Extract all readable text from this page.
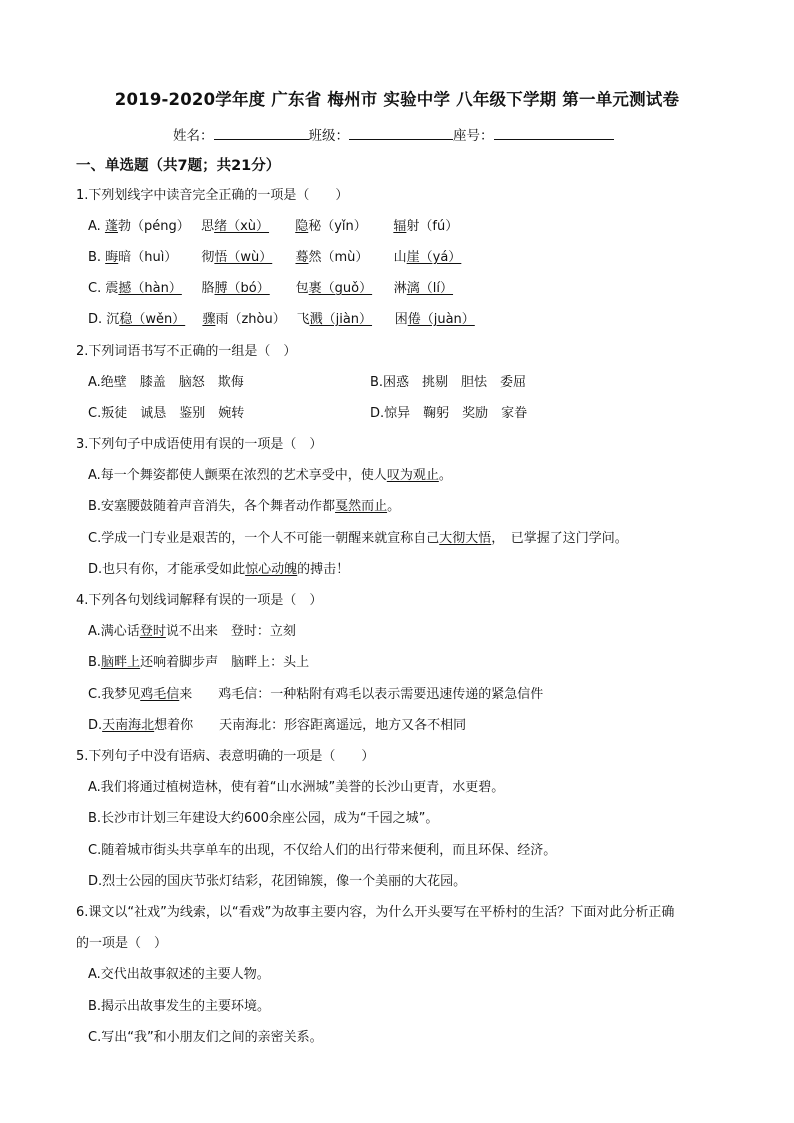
2019-2020学年度 广东省 梅州市 实验中学 八年级下学期 第一单元测试卷
姓名：	班级：	座号：
一、单选题（共7题；共21分）
1.下列划线字中读音完全正确的一项是（　　）
A. 蓬勃（péng） 思绪（xù） 隐秘（yǐn） 辐射（fú）
B. 晦暗（huì） 彻悟（wù） 蓦然（mù） 山崖（yá）
C. 震撼（hàn） 胳膊（bó） 包裹（guǒ） 淋漓（lí）
D. 沉稳（wěn） 骤雨（zhòu） 飞溅（jiàn） 困倦（juàn）
2.下列词语书写不正确的一组是（　）
A.绝壁　膝盖　脑怒　欺侮	B.困惑　挑剔　胆怯　委屈
C.叛徒　诚恳　鉴别　婉转	D.惊异　鞠躬　奖励　家眷
3.下列句子中成语使用有误的一项是（　）
A.每一个舞姿都使人颤栗在浓烈的艺术享受中，使人叹为观止。
B.安塞腰鼓随着声音消失，各个舞者动作都戛然而止。
C.学成一门专业是艰苦的，一个人不可能一朝醒来就宣称自己大彻大悟，　已掌握了这门学问。
D.也只有你，才能承受如此惊心动魄的搏击！
4.下列各句划线词解释有误的一项是（　）
A.满心话登时说不出来　登时：立刻
B.脑畔上还响着脚步声　脑畔上：头上
C.我梦见鸡毛信来　　鸡毛信：一种粘附有鸡毛以表示需要迅速传递的紧急信件
D.天南海北想着你　　天南海北：形容距离遥远，地方又各不相同
5.下列句子中没有语病、表意明确的一项是（　　）
A.我们将通过植树造林，使有着“山水洲城”美誉的长沙山更青，水更碧。
B.长沙市计划三年建设大约600余座公园，成为“千园之城”。
C.随着城市街头共享单车的出现，不仅给人们的出行带来便利，而且环保、经济。
D.烈士公园的国庆节张灯结彩，花团锦簇，像一个美丽的大花园。
6.课文以“社戏”为线索，以“看戏”为故事主要内容，为什么开头要写在平桥村的生活？下面对此分析正确
的一项是（　）
A.交代出故事叙述的主要人物。
B.揭示出故事发生的主要环境。
C.写出“我”和小朋友们之间的亲密关系。
